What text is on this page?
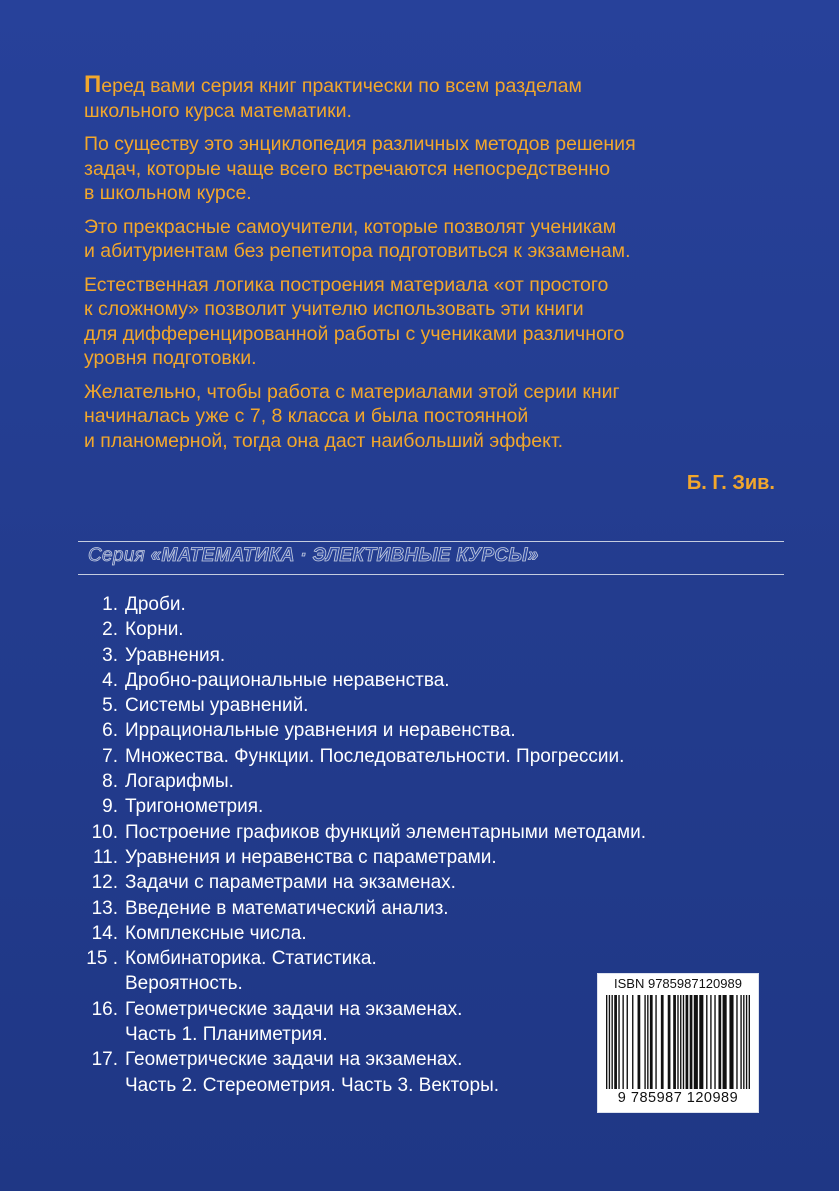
Перед вами серия книг практически по всем разделам
школьного курса математики.

По существу это энциклопедия различных методов решения
задач, которые чаще всего встречаются непосредственно
в школьном курсе.

Это прекрасные самоучители, которые позволят ученикам
и абитуриентам без репетитора подготовиться к экзаменам.

Естественная логика построения материала «от простого
к сложному» позволит учителю использовать эти книги
для дифференцированной работы с учениками различного
уровня подготовки.

Желательно, чтобы работа с материалами этой серии книг
начиналась уже с 7, 8 класса и была постоянной
и планомерной, тогда она даст наибольший эффект.

Б. Г. Зив.
Серия «МАТЕМАТИКА · ЭЛЕКТИВНЫЕ КУРСЫ»
1. Дроби.
2. Корни.
3. Уравнения.
4. Дробно-рациональные неравенства.
5. Системы уравнений.
6. Иррациональные уравнения и неравенства.
7. Множества. Функции. Последовательности. Прогрессии.
8. Логарифмы.
9. Тригонометрия.
10. Построение графиков функций элементарными методами.
11. Уравнения и неравенства с параметрами.
12. Задачи с параметрами на экзаменах.
13. Введение в математический анализ.
14. Комплексные числа.
15 . Комбинаторика. Статистика.
Вероятность.
16. Геометрические задачи на экзаменах.
Часть 1. Планиметрия.
17. Геометрические задачи на экзаменах.
Часть 2. Стереометрия. Часть 3. Векторы.
ISBN 9785987120989
9 785987 120989
